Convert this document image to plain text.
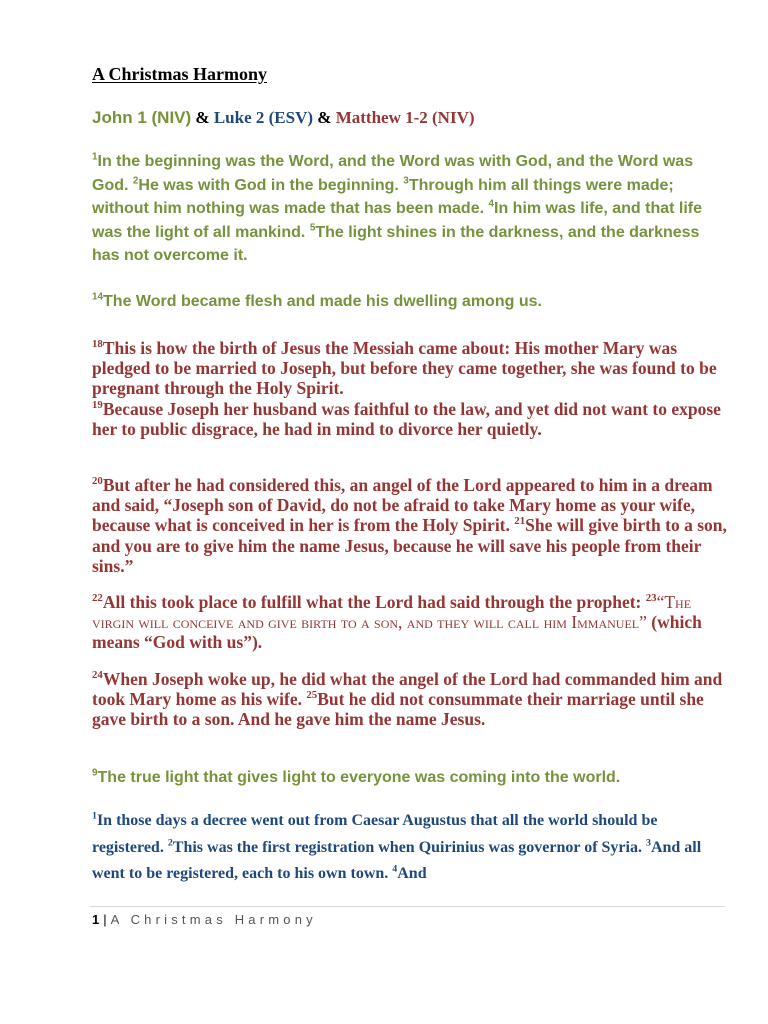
A Christmas Harmony
John 1 (NIV) & Luke 2 (ESV) & Matthew 1-2 (NIV)

$^1$In the beginning was the Word, and the Word was with God, and the Word was God. $^2$He was with God in the beginning. $^3$Through him all things were made; without him nothing was made that has been made. $^4$In him was life, and that life was the light of all mankind. $^5$The light shines in the darkness, and the darkness has not overcome it.

$^{14}$The Word became flesh and made his dwelling among us.

$^{18}$This is how the birth of Jesus the Messiah came about: His mother Mary was pledged to be married to Joseph, but before they came together, she was found to be pregnant through the Holy Spirit.
$^{19}$Because Joseph her husband was faithful to the law, and yet did not want to expose her to public disgrace, he had in mind to divorce her quietly.

$^{20}$But after he had considered this, an angel of the Lord appeared to him in a dream and said, “Joseph son of David, do not be afraid to take Mary home as your wife, because what is conceived in her is from the Holy Spirit. $^{21}$She will give birth to a son, and you are to give him the name Jesus, because he will save his people from their sins.”

$^{22}$All this took place to fulfill what the Lord had said through the prophet: $^{23}$“The virgin will conceive and give birth to a son, and they will call him Immanuel” (which means “God with us”).

$^{24}$When Joseph woke up, he did what the angel of the Lord had commanded him and took Mary home as his wife. $^{25}$But he did not consummate their marriage until she gave birth to a son. And he gave him the name Jesus.

$^9$The true light that gives light to everyone was coming into the world.

$^1$In those days a decree went out from Caesar Augustus that all the world should be registered. $^2$This was the first registration when Quirinius was governor of Syria. $^3$And all went to be registered, each to his own town. $^4$And

1 | A Christmas Harmony
